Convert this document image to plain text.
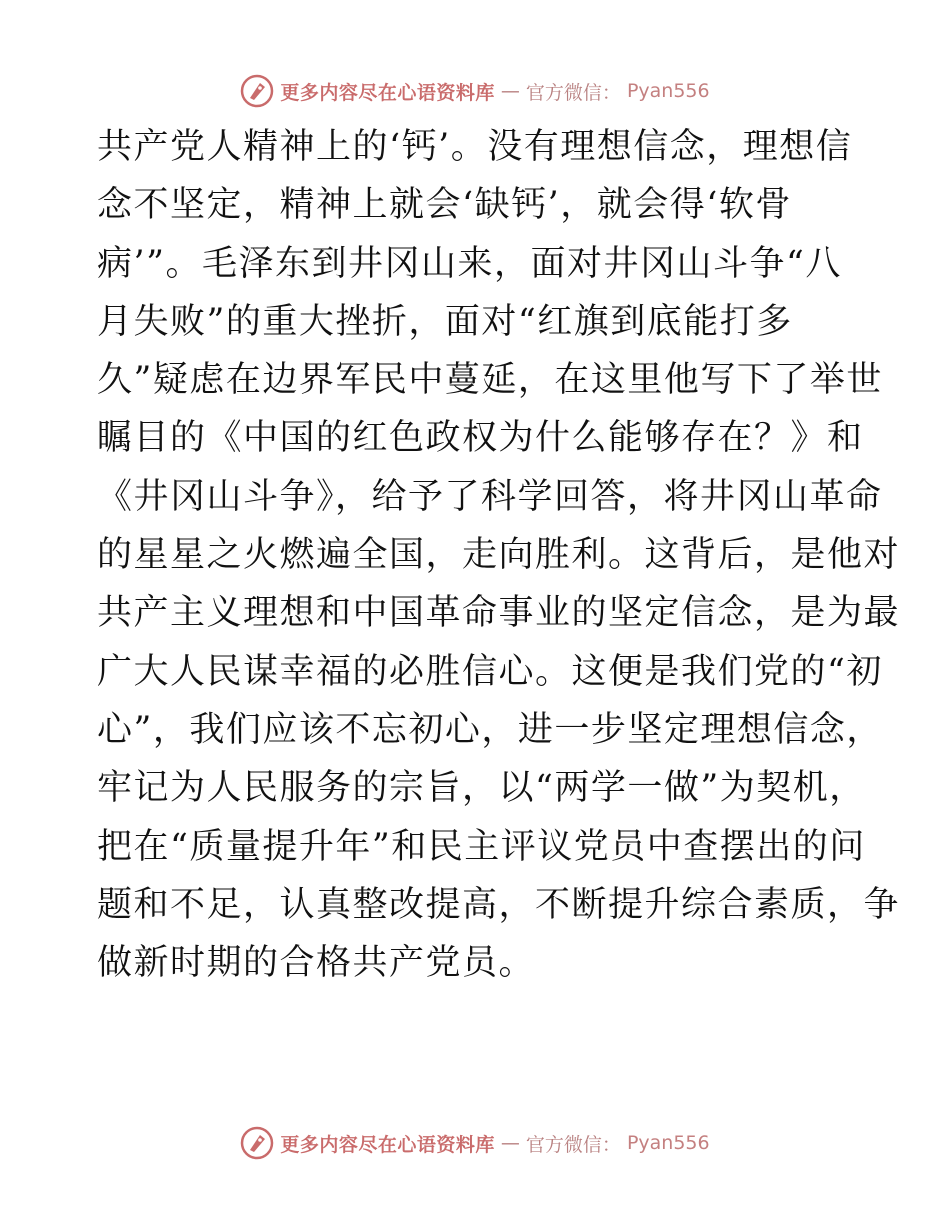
更多内容尽在心语资料库 — 官方微信： Pyan556
共产党人精神上的‘钙’。没有理想信念，理想信
念不坚定，精神上就会‘缺钙’，就会得‘软骨
病’”。毛泽东到井冈山来，面对井冈山斗争“八
月失败”的重大挫折，面对“红旗到底能打多
久”疑虑在边界军民中蔓延，在这里他写下了举世
瞩目的《中国的红色政权为什么能够存在？》和
《井冈山斗争》，给予了科学回答，将井冈山革命
的星星之火燃遍全国，走向胜利。这背后，是他对
共产主义理想和中国革命事业的坚定信念，是为最
广大人民谋幸福的必胜信心。这便是我们党的“初
心”，我们应该不忘初心，进一步坚定理想信念，
牢记为人民服务的宗旨，以“两学一做”为契机，
把在“质量提升年”和民主评议党员中查摆出的问
题和不足，认真整改提高，不断提升综合素质，争
做新时期的合格共产党员。
更多内容尽在心语资料库 — 官方微信： Pyan556
